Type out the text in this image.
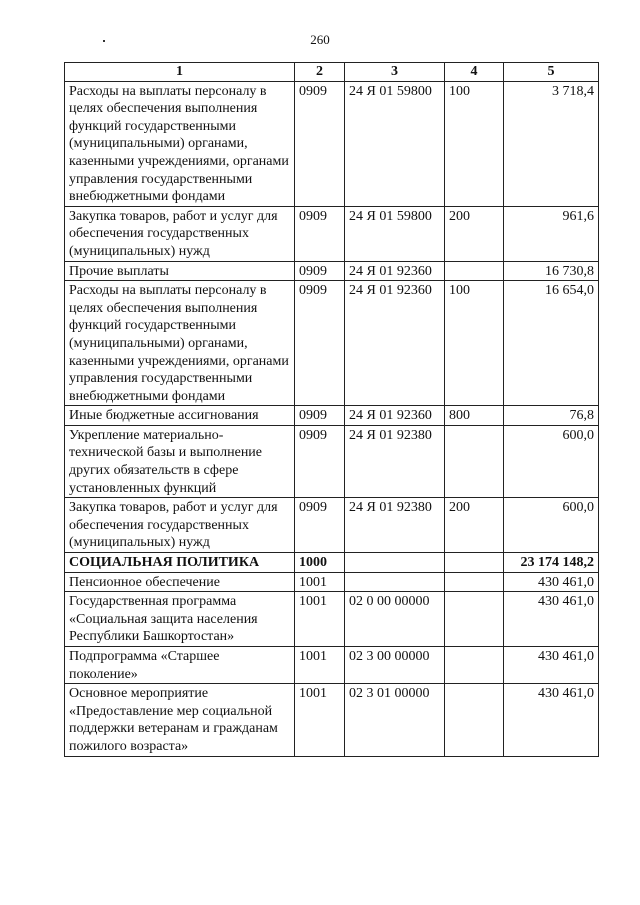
260
1	2	3	4	5
Расходы на выплаты персоналу в целях обеспечения выполнения функций государственными (муниципальными) органами, казенными учреждениями, органами управления государственными внебюджетными фондами	0909	24 Я 01 59800	100	3 718,4
Закупка товаров, работ и услуг для обеспечения государственных (муниципальных) нужд	0909	24 Я 01 59800	200	961,6
Прочие выплаты	0909	24 Я 01 92360		16 730,8
Расходы на выплаты персоналу в целях обеспечения выполнения функций государственными (муниципальными) органами, казенными учреждениями, органами управления государственными внебюджетными фондами	0909	24 Я 01 92360	100	16 654,0
Иные бюджетные ассигнования	0909	24 Я 01 92360	800	76,8
Укрепление материально-технической базы и выполнение других обязательств в сфере установленных функций	0909	24 Я 01 92380		600,0
Закупка товаров, работ и услуг для обеспечения государственных (муниципальных) нужд	0909	24 Я 01 92380	200	600,0
СОЦИАЛЬНАЯ ПОЛИТИКА	1000			23 174 148,2
Пенсионное обеспечение	1001			430 461,0
Государственная программа «Социальная защита населения Республики Башкортостан»	1001	02 0 00 00000		430 461,0
Подпрограмма «Старшее поколение»	1001	02 3 00 00000		430 461,0
Основное мероприятие «Предоставление мер социальной поддержки ветеранам и гражданам пожилого возраста»	1001	02 3 01 00000		430 461,0
